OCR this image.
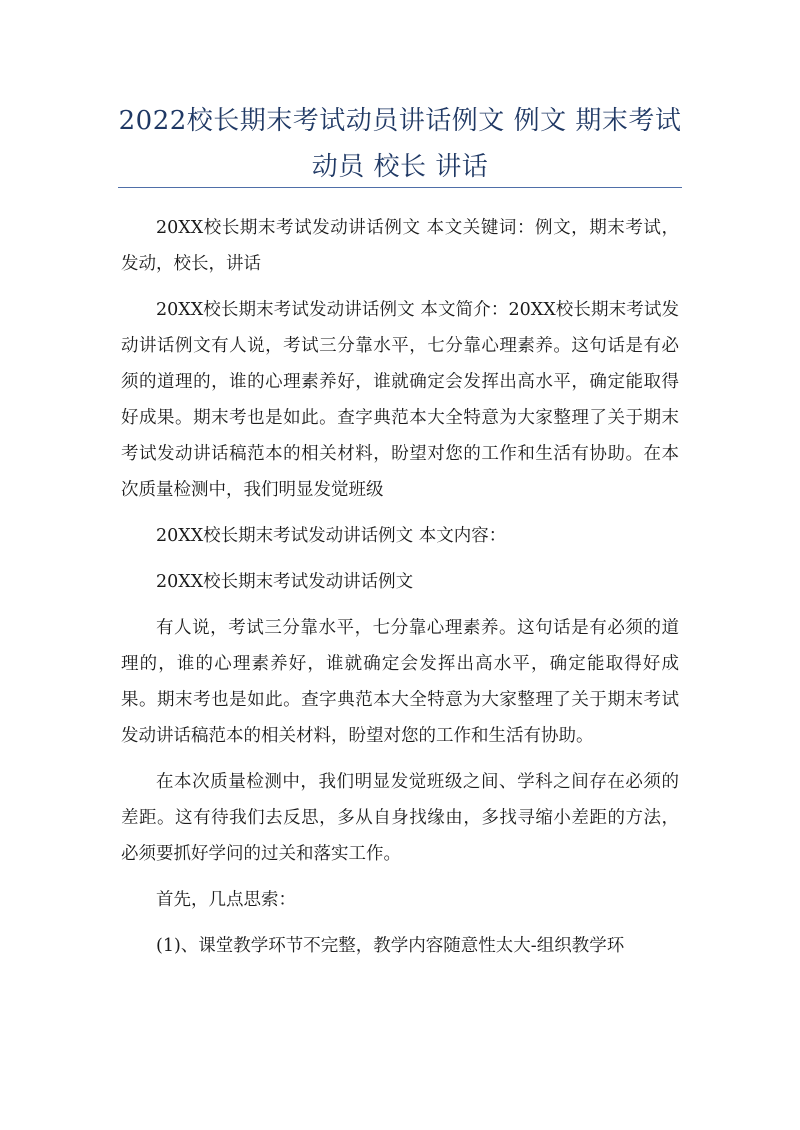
2022校长期末考试动员讲话例文 例文 期末考试 动员 校长 讲话

20XX校长期末考试发动讲话例文 本文关键词：例文，期末考试，发动，校长，讲话

20XX校长期末考试发动讲话例文 本文简介：20XX校长期末考试发动讲话例文有人说，考试三分靠水平，七分靠心理素养。这句话是有必须的道理的，谁的心理素养好，谁就确定会发挥出高水平，确定能取得好成果。期末考也是如此。查字典范本大全特意为大家整理了关于期末考试发动讲话稿范本的相关材料，盼望对您的工作和生活有协助。在本次质量检测中，我们明显发觉班级

20XX校长期末考试发动讲话例文 本文内容：

20XX校长期末考试发动讲话例文

有人说，考试三分靠水平，七分靠心理素养。这句话是有必须的道理的，谁的心理素养好，谁就确定会发挥出高水平，确定能取得好成果。期末考也是如此。查字典范本大全特意为大家整理了关于期末考试发动讲话稿范本的相关材料，盼望对您的工作和生活有协助。

在本次质量检测中，我们明显发觉班级之间、学科之间存在必须的差距。这有待我们去反思，多从自身找缘由，多找寻缩小差距的方法，必须要抓好学问的过关和落实工作。

首先，几点思索：

(1)、课堂教学环节不完整，教学内容随意性太大-组织教学环
